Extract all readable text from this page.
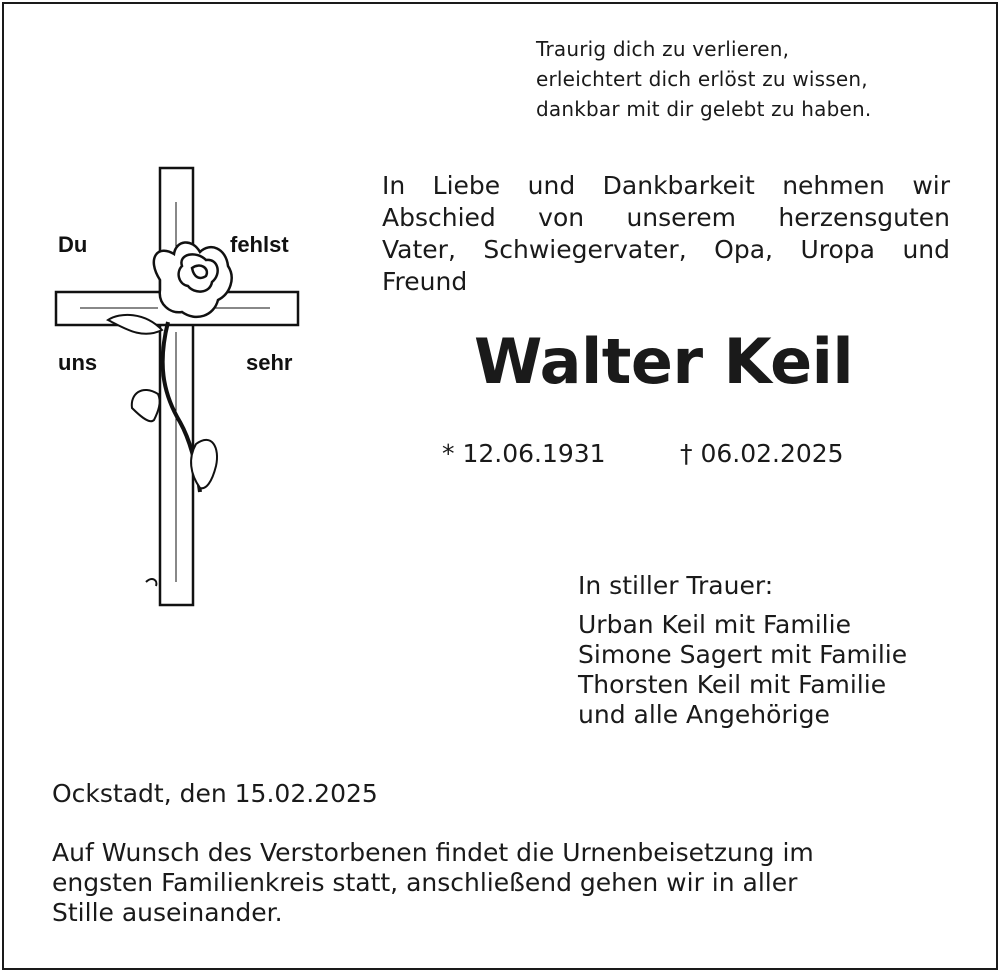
Traurig dich zu verlieren,
erleichtert dich erlöst zu wissen,
dankbar mit dir gelebt zu haben.
Du	fehlst
uns	sehr
In Liebe und Dankbarkeit nehmen wir
Abschied von unserem herzensguten
Vater, Schwiegervater, Opa, Uropa und
Freund
Walter Keil
* 12.06.1931	† 06.02.2025
In stiller Trauer:
Urban Keil mit Familie
Simone Sagert mit Familie
Thorsten Keil mit Familie
und alle Angehörige
Ockstadt, den 15.02.2025
Auf Wunsch des Verstorbenen findet die Urnenbeisetzung im
engsten Familienkreis statt, anschließend gehen wir in aller
Stille auseinander.
